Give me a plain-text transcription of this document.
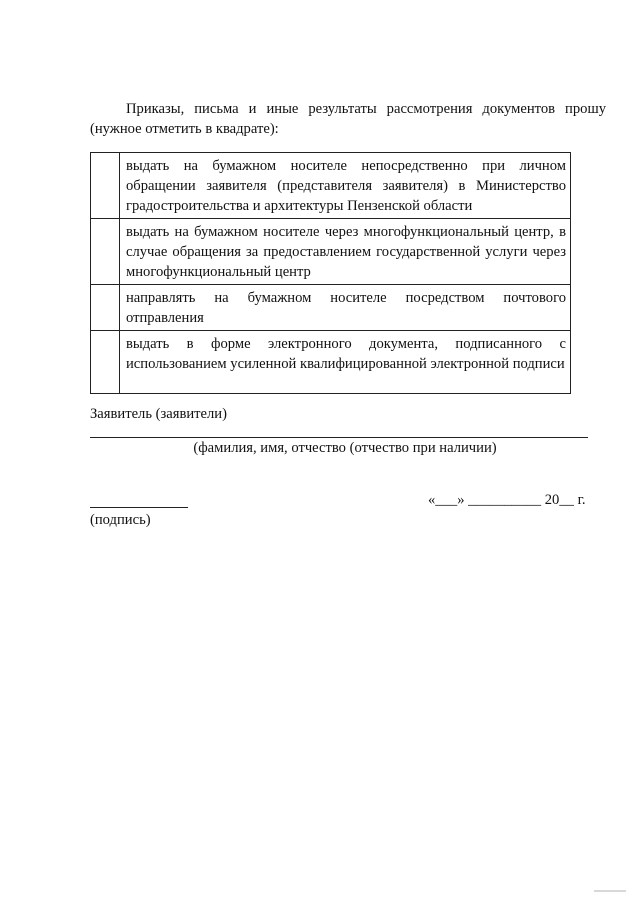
Приказы, письма и иные результаты рассмотрения документов прошу
(нужное отметить в квадрате):
	выдать на бумажном носителе непосредственно при личном обращении заявителя (представителя заявителя) в Министерство градостроительства и архитектуры Пензенской области
	выдать на бумажном носителе через многофункциональный центр, в случае обращения за предоставлением государственной услуги через многофункциональный центр
	направлять на бумажном носителе посредством почтового отправления
	выдать в форме электронного документа, подписанного с использованием усиленной квалифицированной электронной подписи
Заявитель (заявители)
(фамилия, имя, отчество (отчество при наличии)
(подпись)
«___» __________ 20__ г.
